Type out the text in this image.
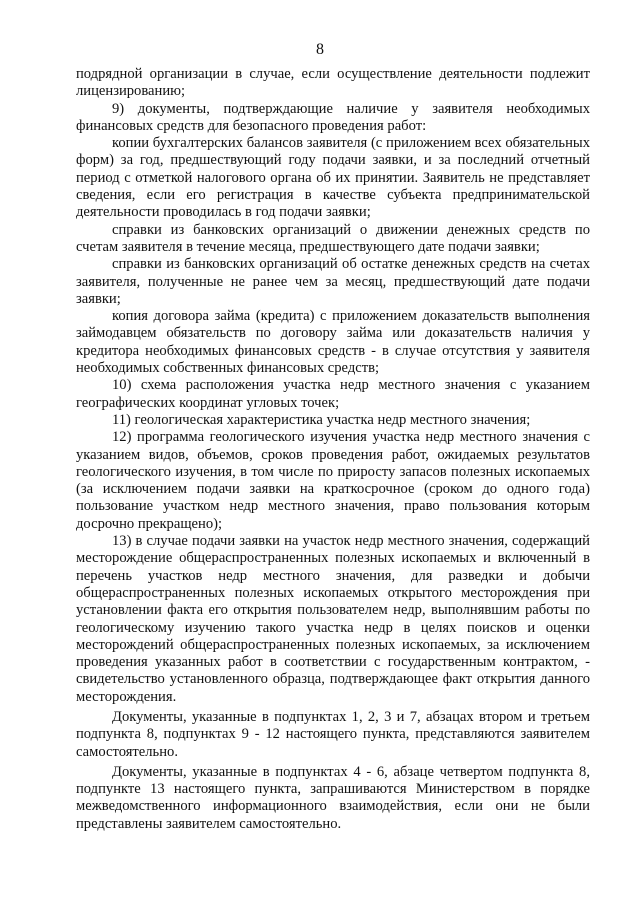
8

подрядной организации в случае, если осуществление деятельности подлежит лицензированию;

9) документы, подтверждающие наличие у заявителя необходимых финансовых средств для безопасного проведения работ:

копии бухгалтерских балансов заявителя (с приложением всех обязательных форм) за год, предшествующий году подачи заявки, и за последний отчетный период с отметкой налогового органа об их принятии. Заявитель не представляет сведения, если его регистрация в качестве субъекта предпринимательской деятельности проводилась в год подачи заявки;

справки из банковских организаций о движении денежных средств по счетам заявителя в течение месяца, предшествующего дате подачи заявки;

справки из банковских организаций об остатке денежных средств на счетах заявителя, полученные не ранее чем за месяц, предшествующий дате подачи заявки;

копия договора займа (кредита) с приложением доказательств выполнения займодавцем обязательств по договору займа или доказательств наличия у кредитора необходимых финансовых средств - в случае отсутствия у заявителя необходимых собственных финансовых средств;

10) схема расположения участка недр местного значения с указанием географических координат угловых точек;

11) геологическая характеристика участка недр местного значения;

12) программа геологического изучения участка недр местного значения с указанием видов, объемов, сроков проведения работ, ожидаемых результатов геологического изучения, в том числе по приросту запасов полезных ископаемых (за исключением подачи заявки на краткосрочное (сроком до одного года) пользование участком недр местного значения, право пользования которым досрочно прекращено);

13) в случае подачи заявки на участок недр местного значения, содержащий месторождение общераспространенных полезных ископаемых и включенный в перечень участков недр местного значения, для разведки и добычи общераспространенных полезных ископаемых открытого месторождения при установлении факта его открытия пользователем недр, выполнявшим работы по геологическому изучению такого участка недр в целях поисков и оценки месторождений общераспространенных полезных ископаемых, за исключением проведения указанных работ в соответствии с государственным контрактом, - свидетельство установленного образца, подтверждающее факт открытия данного месторождения.

Документы, указанные в подпунктах 1, 2, 3 и 7, абзацах втором и третьем подпункта 8, подпунктах 9 - 12 настоящего пункта, представляются заявителем самостоятельно.

Документы, указанные в подпунктах 4 - 6, абзаце четвертом подпункта 8, подпункте 13 настоящего пункта, запрашиваются Министерством в порядке межведомственного информационного взаимодействия, если они не были представлены заявителем самостоятельно.
